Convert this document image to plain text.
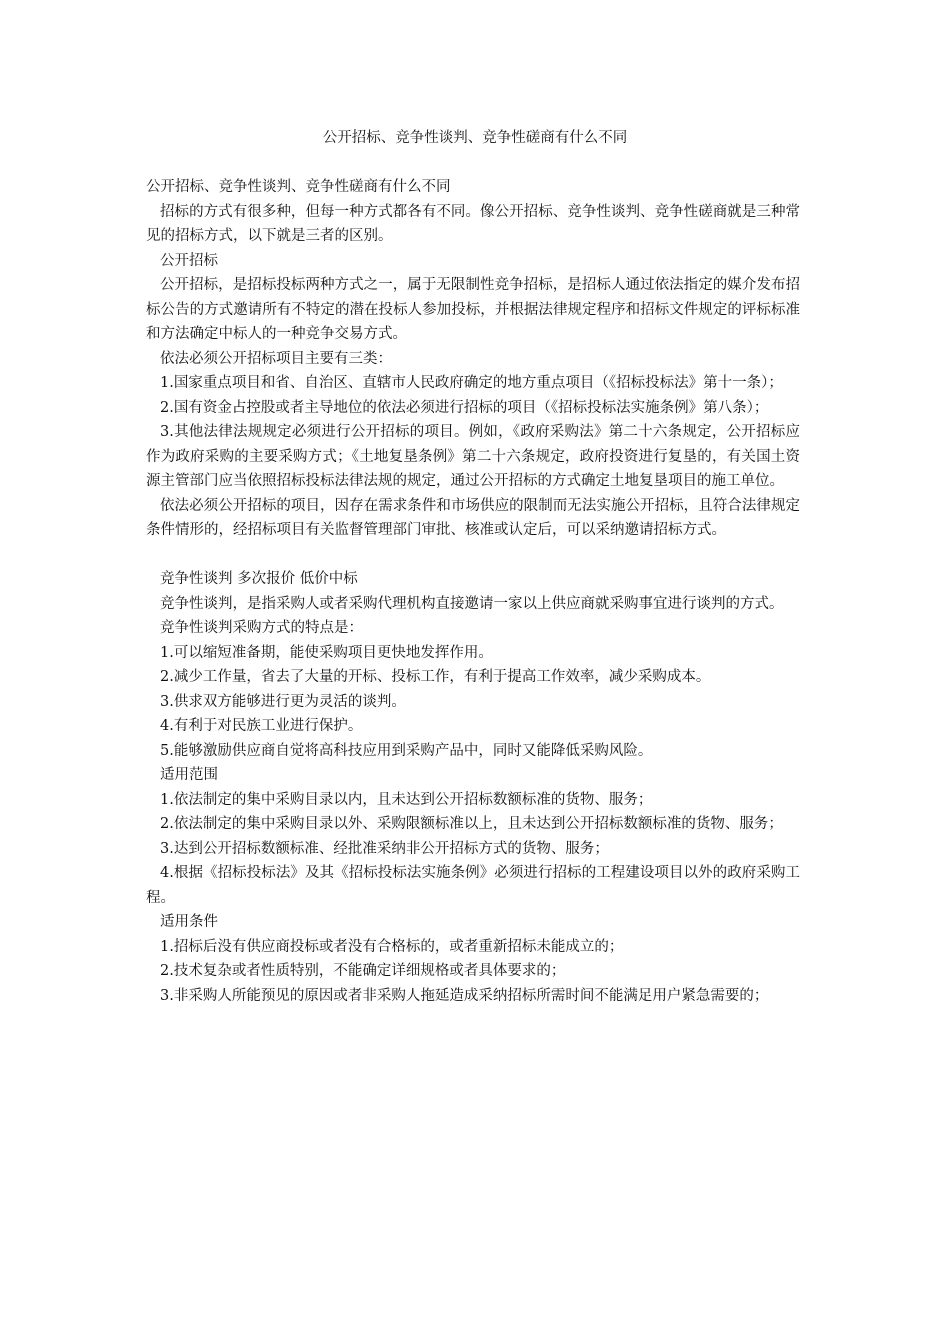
公开招标、竞争性谈判、竞争性磋商有什么不同

公开招标、竞争性谈判、竞争性磋商有什么不同

招标的方式有很多种，但每一种方式都各有不同。像公开招标、竞争性谈判、竞争性磋商就是三种常见的招标方式，以下就是三者的区别。

公开招标

公开招标，是招标投标两种方式之一，属于无限制性竞争招标，是招标人通过依法指定的媒介发布招标公告的方式邀请所有不特定的潜在投标人参加投标，并根据法律规定程序和招标文件规定的评标标准和方法确定中标人的一种竞争交易方式。

依法必须公开招标项目主要有三类：

1.国家重点项目和省、自治区、直辖市人民政府确定的地方重点项目（《招标投标法》第十一条）；

2.国有资金占控股或者主导地位的依法必须进行招标的项目（《招标投标法实施条例》第八条）；

3.其他法律法规规定必须进行公开招标的项目。例如，《政府采购法》第二十六条规定，公开招标应作为政府采购的主要采购方式；《土地复垦条例》第二十六条规定，政府投资进行复垦的，有关国土资源主管部门应当依照招标投标法律法规的规定，通过公开招标的方式确定土地复垦项目的施工单位。

依法必须公开招标的项目，因存在需求条件和市场供应的限制而无法实施公开招标，且符合法律规定条件情形的，经招标项目有关监督管理部门审批、核准或认定后，可以采纳邀请招标方式。

竞争性谈判 多次报价 低价中标

竞争性谈判，是指采购人或者采购代理机构直接邀请一家以上供应商就采购事宜进行谈判的方式。

竞争性谈判采购方式的特点是：

1.可以缩短准备期，能使采购项目更快地发挥作用。

2.减少工作量，省去了大量的开标、投标工作，有利于提高工作效率，减少采购成本。

3.供求双方能够进行更为灵活的谈判。

4.有利于对民族工业进行保护。

5.能够激励供应商自觉将高科技应用到采购产品中，同时又能降低采购风险。

适用范围

1.依法制定的集中采购目录以内，且未达到公开招标数额标准的货物、服务；

2.依法制定的集中采购目录以外、采购限额标准以上，且未达到公开招标数额标准的货物、服务；

3.达到公开招标数额标准、经批准采纳非公开招标方式的货物、服务；

4.根据《招标投标法》及其《招标投标法实施条例》必须进行招标的工程建设项目以外的政府采购工程。

适用条件

1.招标后没有供应商投标或者没有合格标的，或者重新招标未能成立的；

2.技术复杂或者性质特别，不能确定详细规格或者具体要求的；

3.非采购人所能预见的原因或者非采购人拖延造成采纳招标所需时间不能满足用户紧急需要的；
